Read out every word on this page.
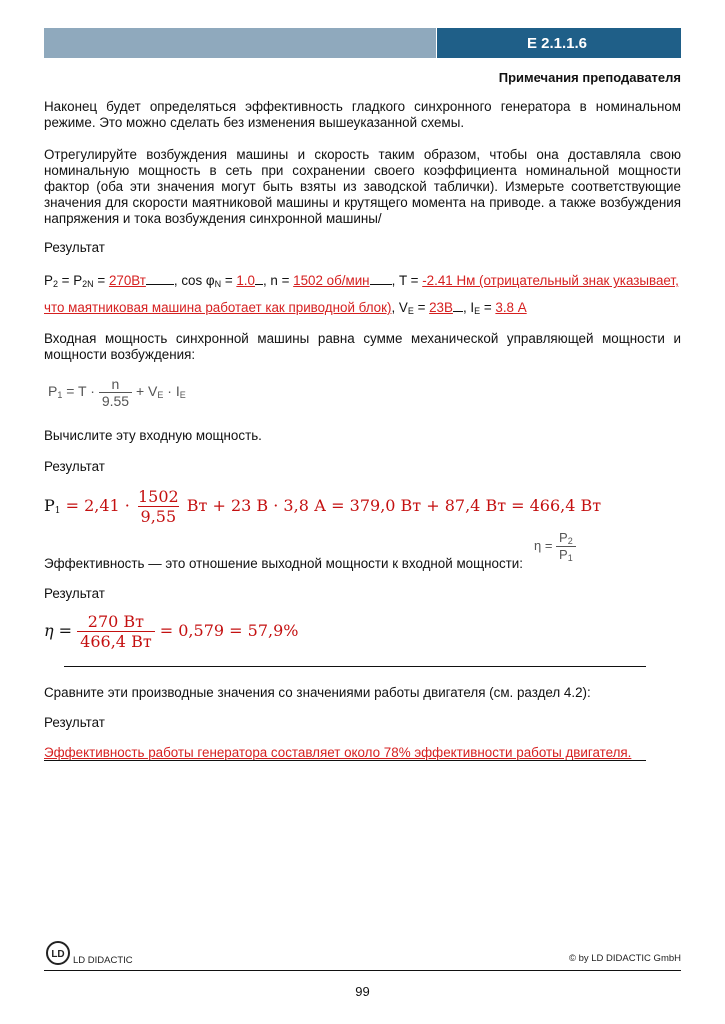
E 2.1.1.6
Примечания преподавателя
Наконец будет определяться эффективность гладкого синхронного генератора в номинальном режиме. Это можно сделать без изменения вышеуказанной схемы.
Отрегулируйте возбуждения машины и скорость таким образом, чтобы она доставляла свою номинальную мощность в сеть при сохранении своего коэффициента номинальной мощности фактор (оба эти значения могут быть взяты из заводской таблички). Измерьте соответствующие значения для скорости маятниковой машины и крутящего момента на приводе. а также возбуждения напряжения и тока возбуждения синхронной машины/
Результат
$P_2 = P_{2N} = 270Вт$ , $\cos \varphi_N = 1.0$ , n = 1502 об/мин , T = -2.41 Нм (отрицательный знак указывает,
что маятниковая машина работает как приводной блок), $V_E = 23В$ , $I_E = 3.8$ А
Входная мощность синхронной машины равна сумме механической управляющей мощности и мощности возбуждения:
$P_1 = T \cdot \frac{n}{9.55} + V_E \cdot I_E$
Вычислите эту входную мощность.
Результат
$P_1 = 2,41 \cdot \frac{1502}{9,55}$ Вт + 23 В · 3,8 А = 379,0 Вт + 87,4 Вт = 466,4 Вт
Эффективность — это отношение выходной мощности к входной мощности:
$\eta = \frac{P_2}{P_1}$
Результат
$\eta = \frac{270 Вт}{466,4 Вт} = 0,579 = 57,9\%$
Сравните эти производные значения со значениями работы двигателя (см. раздел 4.2):
Результат
Эффективность работы генератора составляет около 78% эффективности работы двигателя.
LD
LD DIDACTIC	© by LD DIDACTIC GmbH
99
